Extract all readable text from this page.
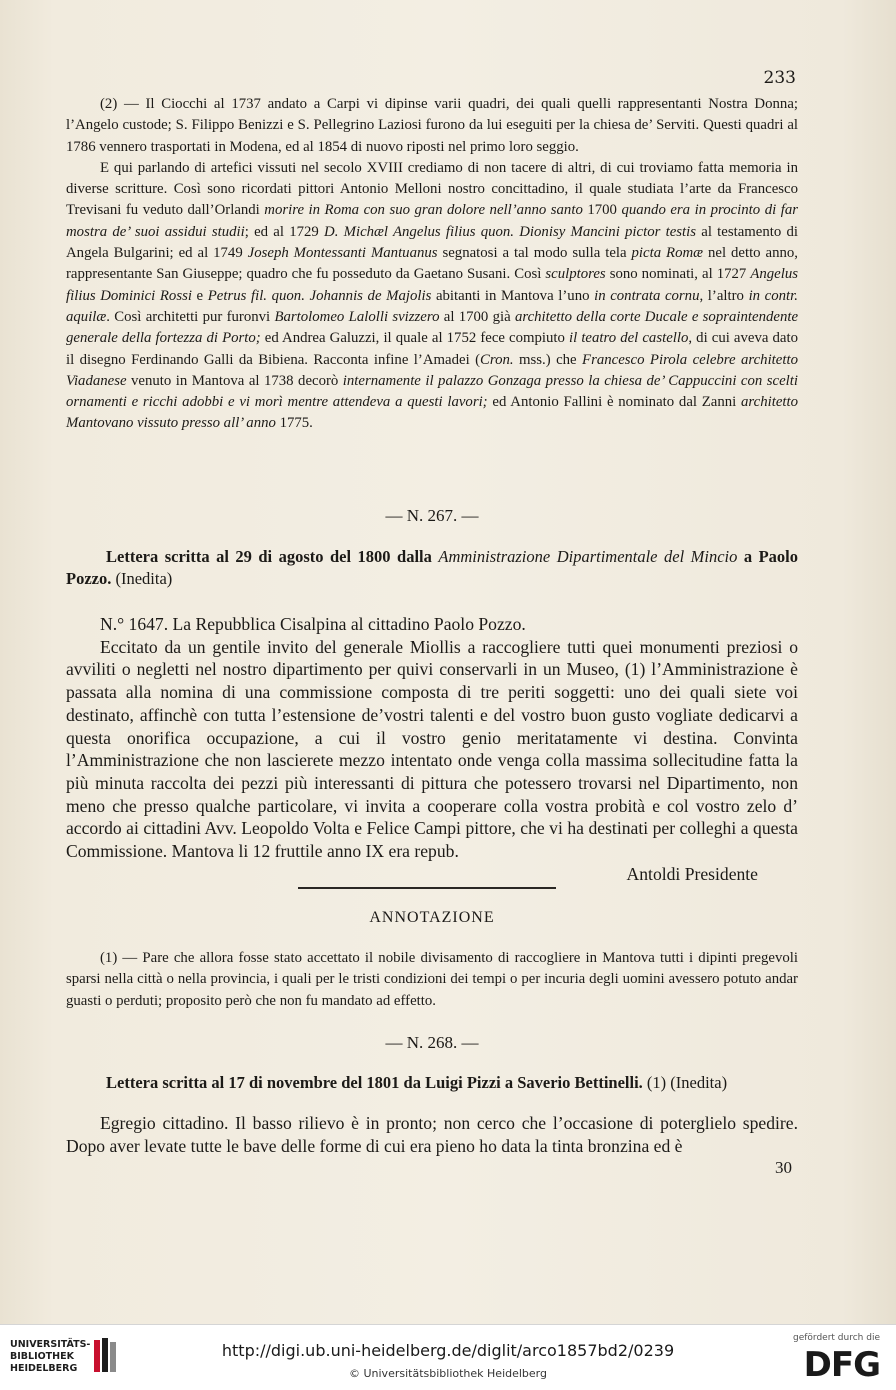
233

(2) — Il Ciocchi al 1737 andato a Carpi vi dipinse varii quadri, dei quali quelli rappresentanti Nostra Donna; l’Angelo custode; S. Filippo Benizzi e S. Pellegrino Laziosi furono da lui eseguiti per la chiesa de’ Serviti. Questi quadri al 1786 vennero trasportati in Modena, ed al 1854 di nuovo riposti nel primo loro seggio.

E qui parlando di artefici vissuti nel secolo XVIII crediamo di non tacere di altri, di cui troviamo fatta memoria in diverse scritture. Così sono ricordati pittori Antonio Melloni nostro concittadino, il quale studiata l’arte da Francesco Trevisani fu veduto dall’Orlandi morire in Roma con suo gran dolore nell’anno santo 1700 quando era in procinto di far mostra de’ suoi assidui studii; ed al 1729 D. Michæl Angelus filius quon. Dionisy Mancini pictor testis al testamento di Angela Bulgarini; ed al 1749 Joseph Montessanti Mantuanus segnatosi a tal modo sulla tela picta Romæ nel detto anno, rappresentante San Giuseppe; quadro che fu posseduto da Gaetano Susani. Così sculptores sono nominati, al 1727 Angelus filius Dominici Rossi e Petrus fil. quon. Johannis de Majolis abitanti in Mantova l’uno in contrata cornu, l’altro in contr. aquilæ. Così architetti pur furonvi Bartolomeo Lalolli svizzero al 1700 già architetto della corte Ducale e sopraintendente generale della fortezza di Porto; ed Andrea Galuzzi, il quale al 1752 fece compiuto il teatro del castello, di cui aveva dato il disegno Ferdinando Galli da Bibiena. Racconta infine l’Amadei (Cron. mss.) che Francesco Pirola celebre architetto Viadanese venuto in Mantova al 1738 decorò internamente il palazzo Gonzaga presso la chiesa de’ Cappuccini con scelti ornamenti e ricchi adobbi e vi morì mentre attendeva a questi lavori; ed Antonio Fallini è nominato dal Zanni architetto Mantovano vissuto presso all’ anno 1775.

— N. 267. —
Lettera scritta al 29 di agosto del 1800 dalla Amministrazione Dipartimentale del Mincio a Paolo Pozzo. (Inedita)

N.° 1647. La Repubblica Cisalpina al cittadino Paolo Pozzo.

Eccitato da un gentile invito del generale Miollis a raccogliere tutti quei monumenti preziosi o avviliti o negletti nel nostro dipartimento per quivi conservarli in un Museo, (1) l’Amministrazione è passata alla nomina di una commissione composta di tre periti soggetti: uno dei quali siete voi destinato, affinchè con tutta l’estensione de’vostri talenti e del vostro buon gusto vogliate dedicarvi a questa onorifica occupazione, a cui il vostro genio meritatamente vi destina. Convinta l’Amministrazione che non lascierete mezzo intentato onde venga colla massima sollecitudine fatta la più minuta raccolta dei pezzi più interessanti di pittura che potessero trovarsi nel Dipartimento, non meno che presso qualche particolare, vi invita a cooperare colla vostra probità e col vostro zelo d’ accordo ai cittadini Avv. Leopoldo Volta e Felice Campi pittore, che vi ha destinati per colleghi a questa Commissione. Mantova li 12 fruttile anno IX era repub.

Antoldi Presidente
ANNOTAZIONE

(1) — Pare che allora fosse stato accettato il nobile divisamento di raccogliere in Mantova tutti i dipinti pregevoli sparsi nella città o nella provincia, i quali per le tristi condizioni dei tempi o per incuria degli uomini avessero potuto andar guasti o perduti; proposito però che non fu mandato ad effetto.

— N. 268. —
Lettera scritta al 17 di novembre del 1801 da Luigi Pizzi a Saverio Bettinelli. (1) (Inedita)

Egregio cittadino. Il basso rilievo è in pronto; non cerco che l’occasione di poterglielo spedire. Dopo aver levate tutte le bave delle forme di cui era pieno ho data la tinta bronzina ed è

30
UNIVERSITÄTS-
BIBLIOTHEK
HEIDELBERG
http://digi.ub.uni-heidelberg.de/diglit/arco1857bd2/0239
© Universitätsbibliothek Heidelberg
gefördert durch die
DFG
